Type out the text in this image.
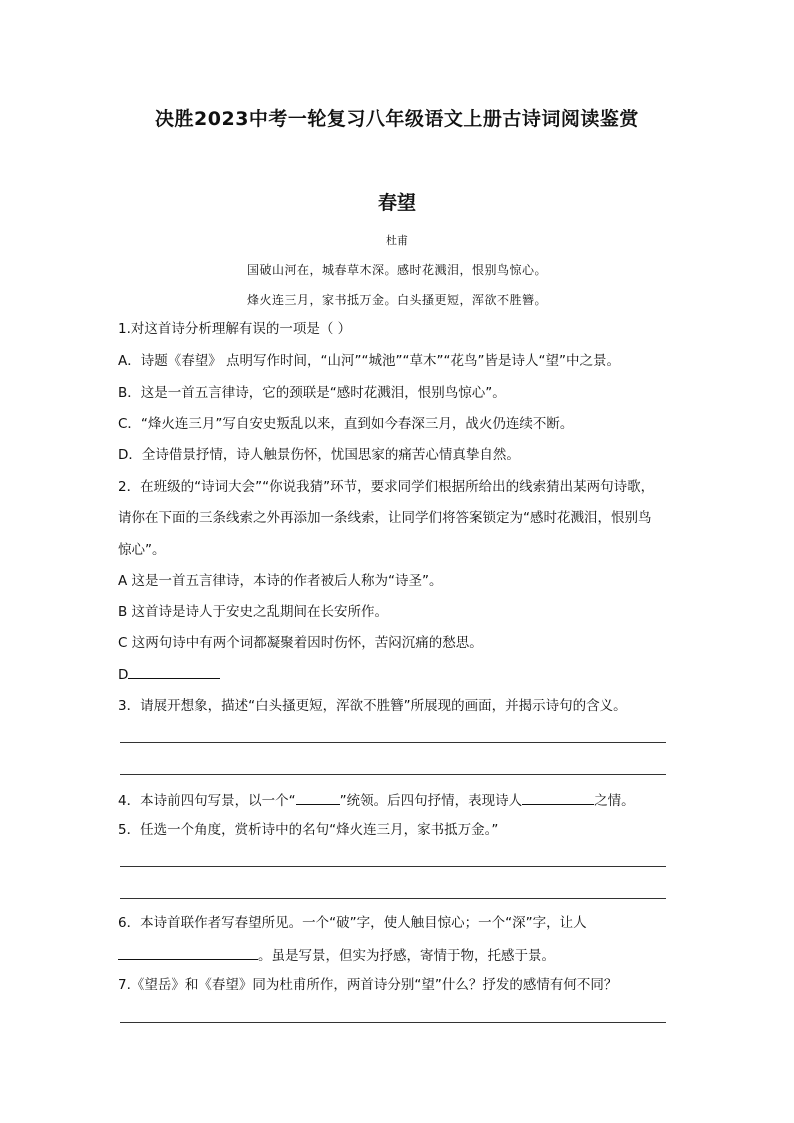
决胜2023中考一轮复习八年级语文上册古诗词阅读鉴赏
春望
杜甫
国破山河在，城春草木深。感时花溅泪，恨别鸟惊心。
烽火连三月，家书抵万金。白头搔更短，浑欲不胜簪。
1.对这首诗分析理解有误的一项是（ ）
A．诗题《春望》 点明写作时间，“山河”“城池”“草木”“花鸟”皆是诗人“望”中之景。
B．这是一首五言律诗，它的颈联是“感时花溅泪，恨别鸟惊心”。
C．“烽火连三月”写自安史叛乱以来，直到如今春深三月，战火仍连续不断。
D．全诗借景抒情，诗人触景伤怀，忧国思家的痛苦心情真挚自然。
2．在班级的“诗词大会”“你说我猜”环节，要求同学们根据所给出的线索猜出某两句诗歌，
请你在下面的三条线索之外再添加一条线索，让同学们将答案锁定为“感时花溅泪，恨别鸟
惊心”。
A 这是一首五言律诗，本诗的作者被后人称为“诗圣”。
B 这首诗是诗人于安史之乱期间在长安所作。
C 这两句诗中有两个词都凝聚着因时伤怀，苦闷沉痛的愁思。
D
3．请展开想象，描述“白头搔更短，浑欲不胜簪”所展现的画面，并揭示诗句的含义。
4．本诗前四句写景，以一个“	”统领。后四句抒情，表现诗人	之情。
5．任选一个角度，赏析诗中的名句“烽火连三月，家书抵万金。”
6．本诗首联作者写春望所见。一个“破”字，使人触目惊心；一个“深”字，让人
。虽是写景，但实为抒感，寄情于物，托感于景。
7.《望岳》和《春望》同为杜甫所作，两首诗分别“望”什么？抒发的感情有何不同？
